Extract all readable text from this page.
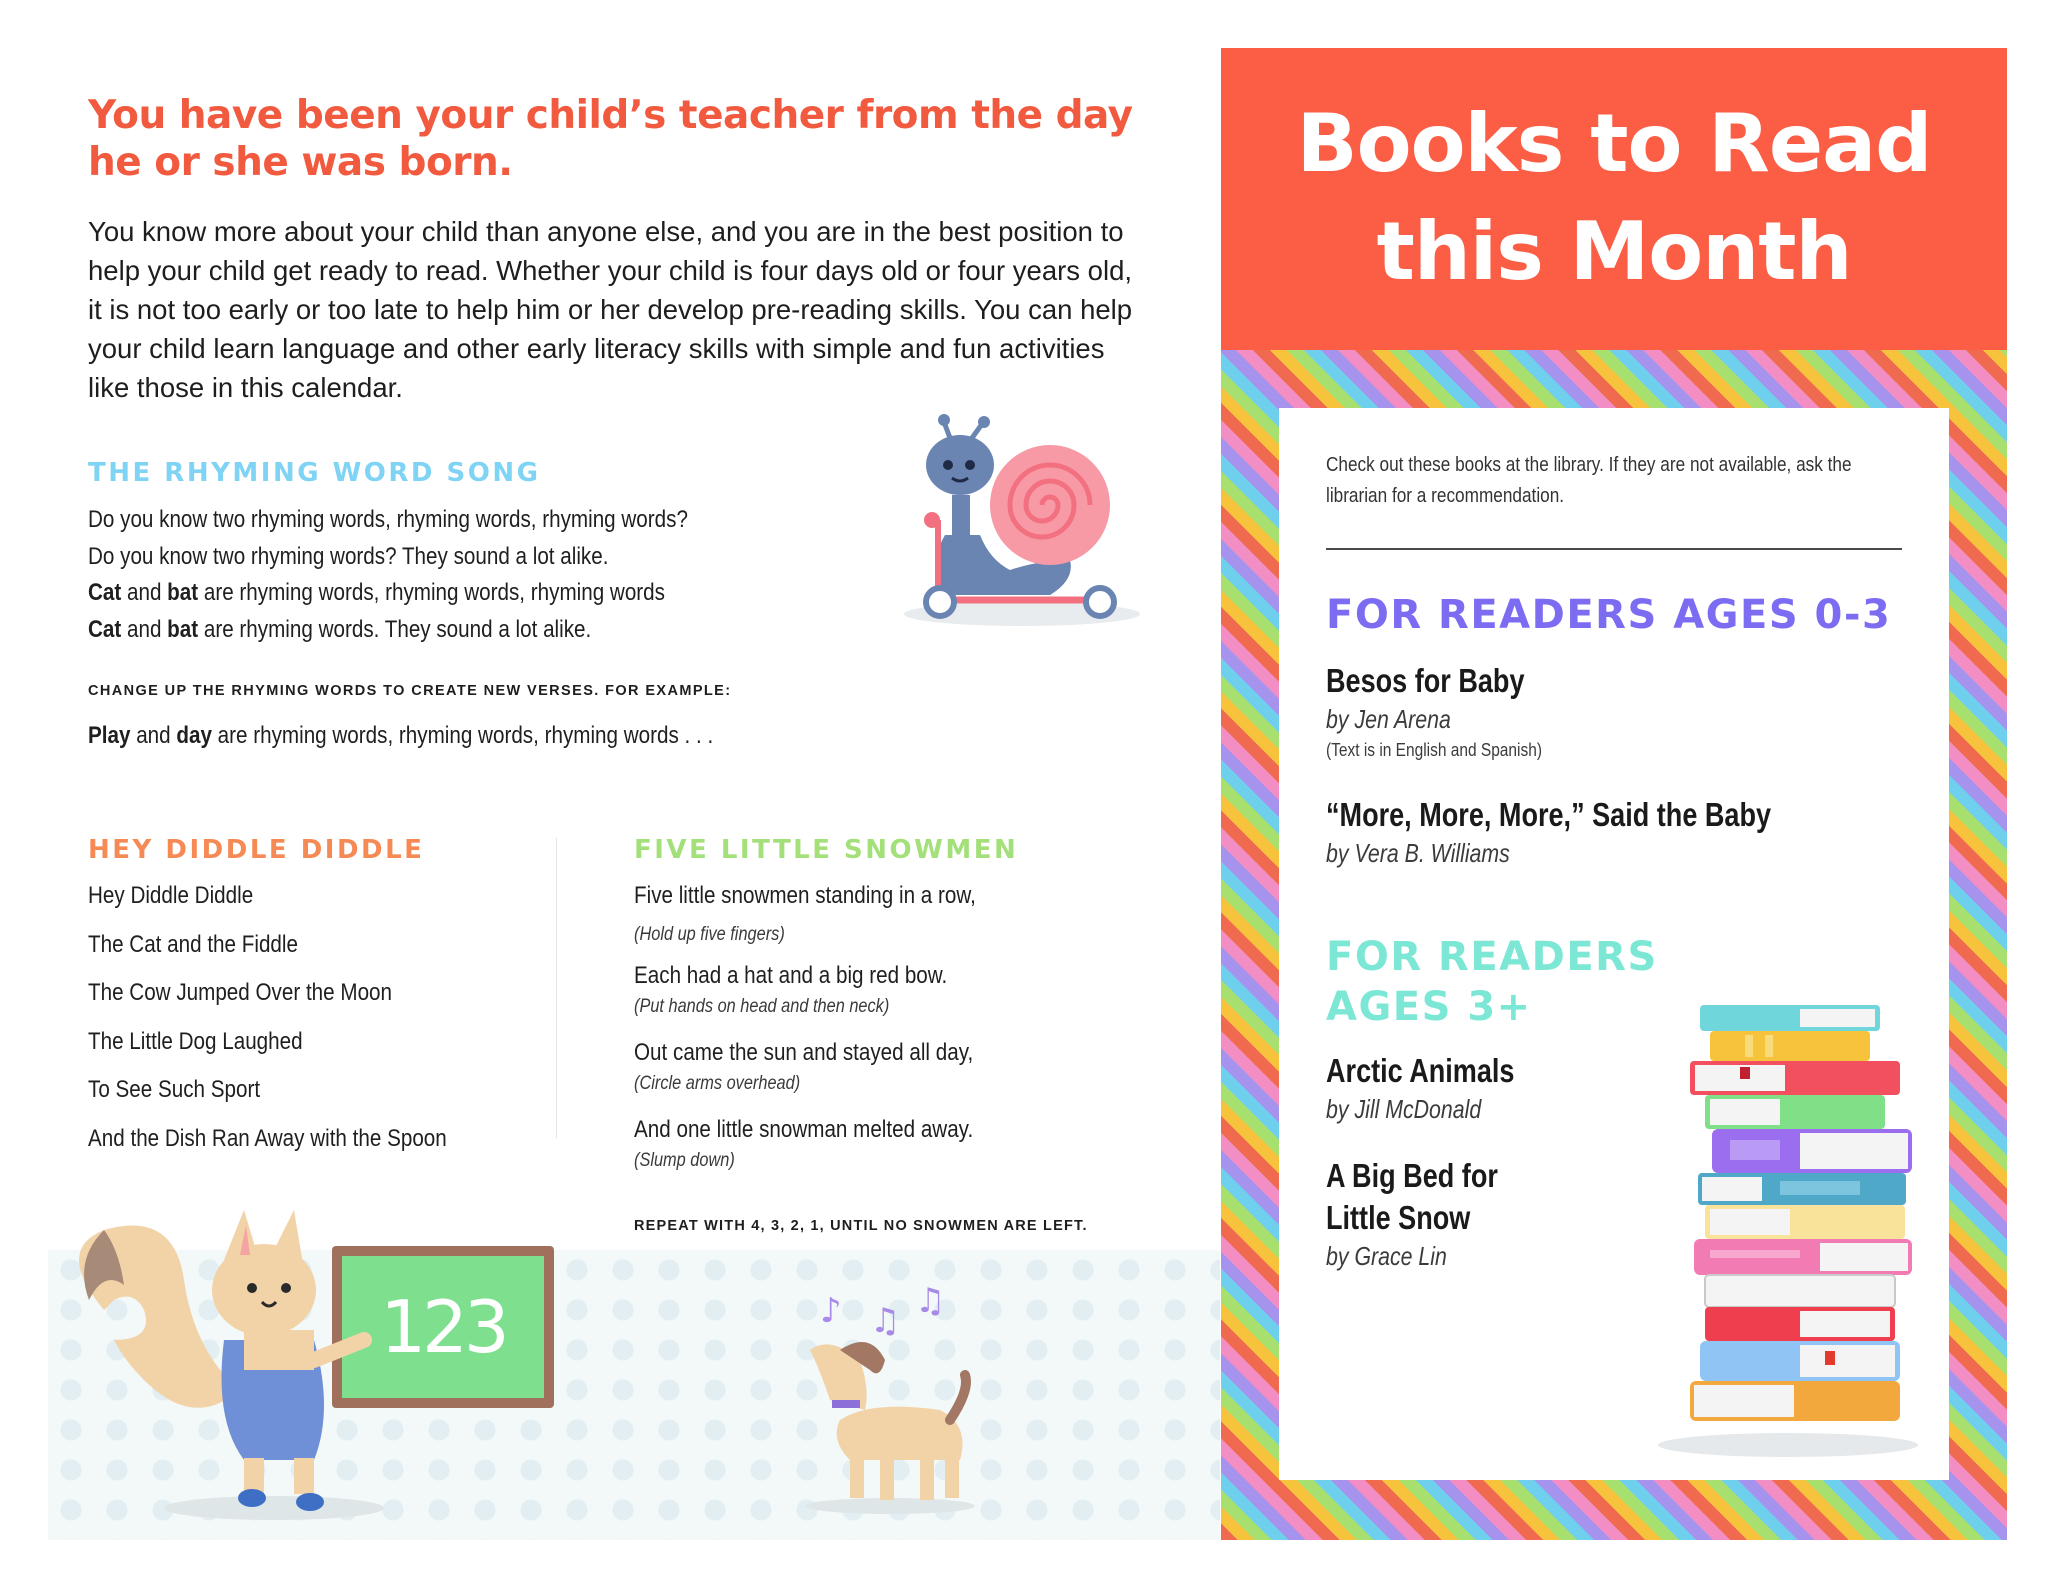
You have been your child’s teacher from the day he or she was born.

You know more about your child than anyone else, and you are in the best position to help your child get ready to read. Whether your child is four days old or four years old, it is not too early or too late to help him or her develop pre-reading skills. You can help your child learn language and other early literacy skills with simple and fun activities like those in this calendar.

THE RHYMING WORD SONG
Do you know two rhyming words, rhyming words, rhyming words?
Do you know two rhyming words? They sound a lot alike.
Cat and bat are rhyming words, rhyming words, rhyming words
Cat and bat are rhyming words. They sound a lot alike.
CHANGE UP THE RHYMING WORDS TO CREATE NEW VERSES. FOR EXAMPLE:
Play and day are rhyming words, rhyming words, rhyming words . . .
HEY DIDDLE DIDDLE
Hey Diddle Diddle
The Cat and the Fiddle
The Cow Jumped Over the Moon
The Little Dog Laughed
To See Such Sport
And the Dish Ran Away with the Spoon
FIVE LITTLE SNOWMEN
Five little snowmen standing in a row,
(Hold up five fingers)
Each had a hat and a big red bow.
(Put hands on head and then neck)
Out came the sun and stayed all day,
(Circle arms overhead)
And one little snowman melted away.
(Slump down)
REPEAT WITH 4, 3, 2, 1, UNTIL NO SNOWMEN ARE LEFT.
123	♪ ♫ ♫
Books to Read
this Month
Check out these books at the library. If they are not available, ask the librarian for a recommendation.
FOR READERS AGES 0-3
Besos for Baby
by Jen Arena
(Text is in English and Spanish)
“More, More, More,” Said the Baby
by Vera B. Williams
FOR READERS AGES 3+
Arctic Animals
by Jill McDonald
A Big Bed for
Little Snow
by Grace Lin
